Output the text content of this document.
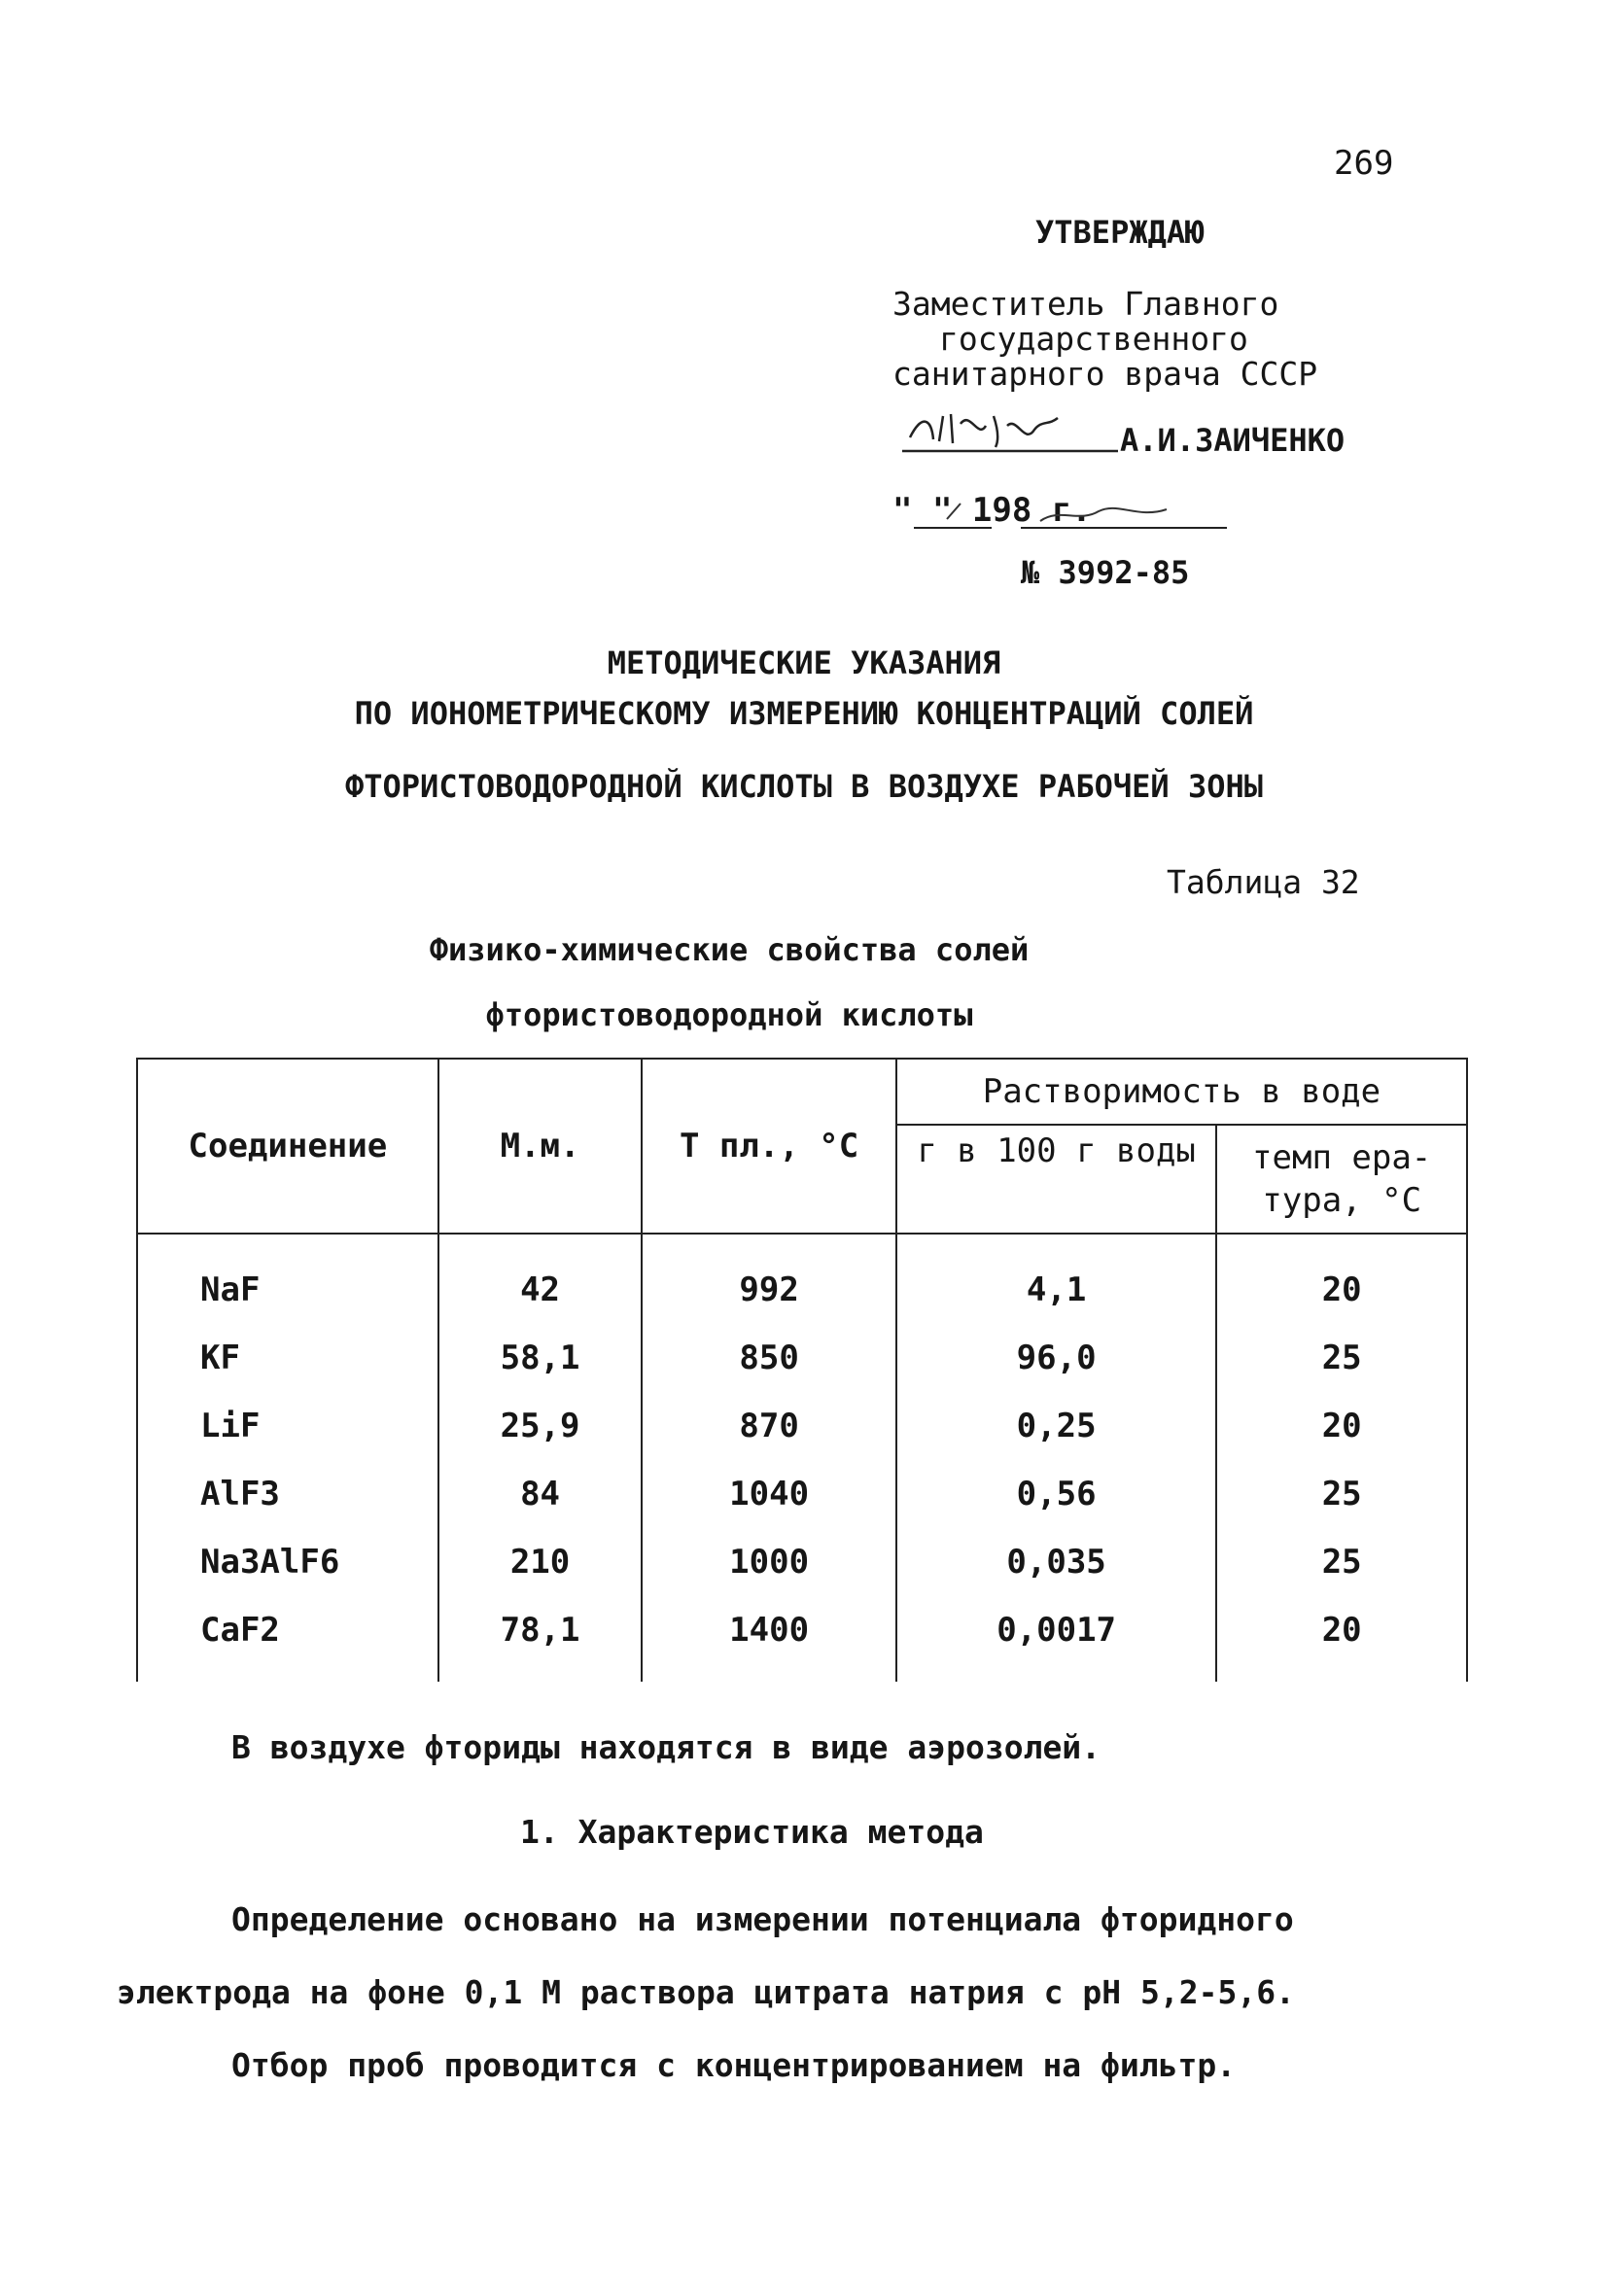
269
УТВЕРЖДАЮ
Заместитель Главного
государственного
санитарного врача СССР
А.И.ЗАИЧЕНКО
" " 198 г.
№ 3992-85
МЕТОДИЧЕСКИЕ УКАЗАНИЯ
ПО ИОНОМЕТРИЧЕСКОМУ ИЗМЕРЕНИЮ КОНЦЕНТРАЦИЙ СОЛЕЙ
ФТОРИСТОВОДОРОДНОЙ КИСЛОТЫ В ВОЗДУХЕ РАБОЧЕЙ ЗОНЫ
Таблица 32
Физико-химические свойства солей
фтористоводородной кислоты
Соединение	М.м.	Т пл., °С	Растворимость в воде	
			г в 100 г воды	темп ера-
тура, °С

NaF	42	992	4,1	20
KF	58,1	850	96,0	25
LiF	25,9	870	0,25	20
AlF3	84	1040	0,56	25
Na3AlF6	210	1000	0,035	25
CaF2	78,1	1400	0,0017	20
В воздухе фториды находятся в виде аэрозолей.
1. Характеристика метода
Определение основано на измерении потенциала фторидного
электрода на фоне 0,1 М раствора цитрата натрия с рН 5,2-5,6.
Отбор проб проводится с концентрированием на фильтр.
